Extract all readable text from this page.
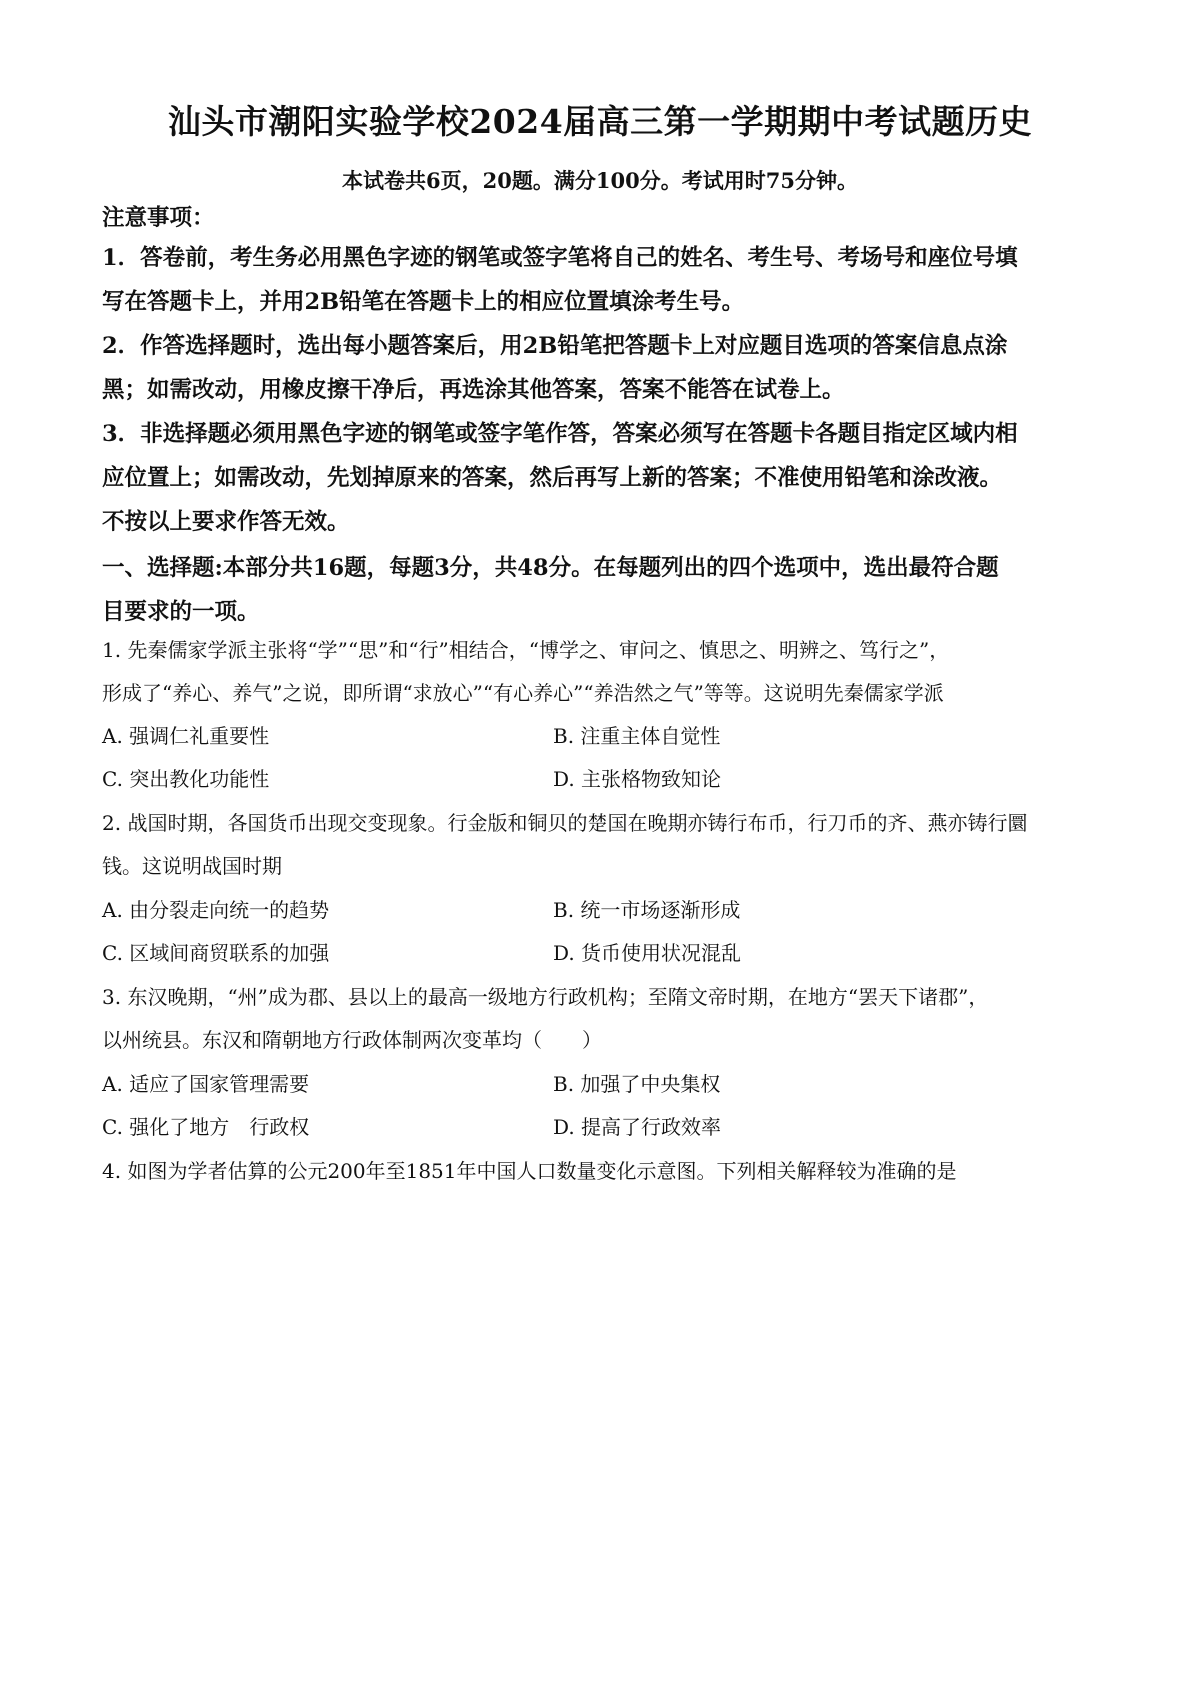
汕头市潮阳实验学校2024届高三第一学期期中考试题历史
本试卷共6页，20题。满分100分。考试用时75分钟。
注意事项：
1．答卷前，考生务必用黑色字迹的钢笔或签字笔将自己的姓名、考生号、考场号和座位号填
写在答题卡上，并用2B铅笔在答题卡上的相应位置填涂考生号。
2．作答选择题时，选出每小题答案后，用2B铅笔把答题卡上对应题目选项的答案信息点涂
黑；如需改动，用橡皮擦干净后，再选涂其他答案，答案不能答在试卷上。
3．非选择题必须用黑色字迹的钢笔或签字笔作答，答案必须写在答题卡各题目指定区域内相
应位置上；如需改动，先划掉原来的答案，然后再写上新的答案；不准使用铅笔和涂改液。
不按以上要求作答无效。
一、选择题:本部分共16题，每题3分，共48分。在每题列出的四个选项中，选出最符合题
目要求的一项。
1. 先秦儒家学派主张将“学”“思”和“行”相结合，“博学之、审问之、慎思之、明辨之、笃行之”，
形成了“养心、养气”之说，即所谓“求放心”“有心养心”“养浩然之气”等等。这说明先秦儒家学派
A. 强调仁礼重要性	B. 注重主体自觉性
C. 突出教化功能性	D. 主张格物致知论
2. 战国时期，各国货币出现交变现象。行金版和铜贝的楚国在晚期亦铸行布币，行刀币的齐、燕亦铸行圜
钱。这说明战国时期
A. 由分裂走向统一的趋势	B. 统一市场逐渐形成
C. 区域间商贸联系的加强	D. 货币使用状况混乱
3. 东汉晚期，“州”成为郡、县以上的最高一级地方行政机构；至隋文帝时期，在地方“罢天下诸郡”，
以州统县。东汉和隋朝地方行政体制两次变革均（　　）
A. 适应了国家管理需要	B. 加强了中央集权
C. 强化了地方　行政权	D. 提高了行政效率
4. 如图为学者估算的公元200年至1851年中国人口数量变化示意图。下列相关解释较为准确的是
